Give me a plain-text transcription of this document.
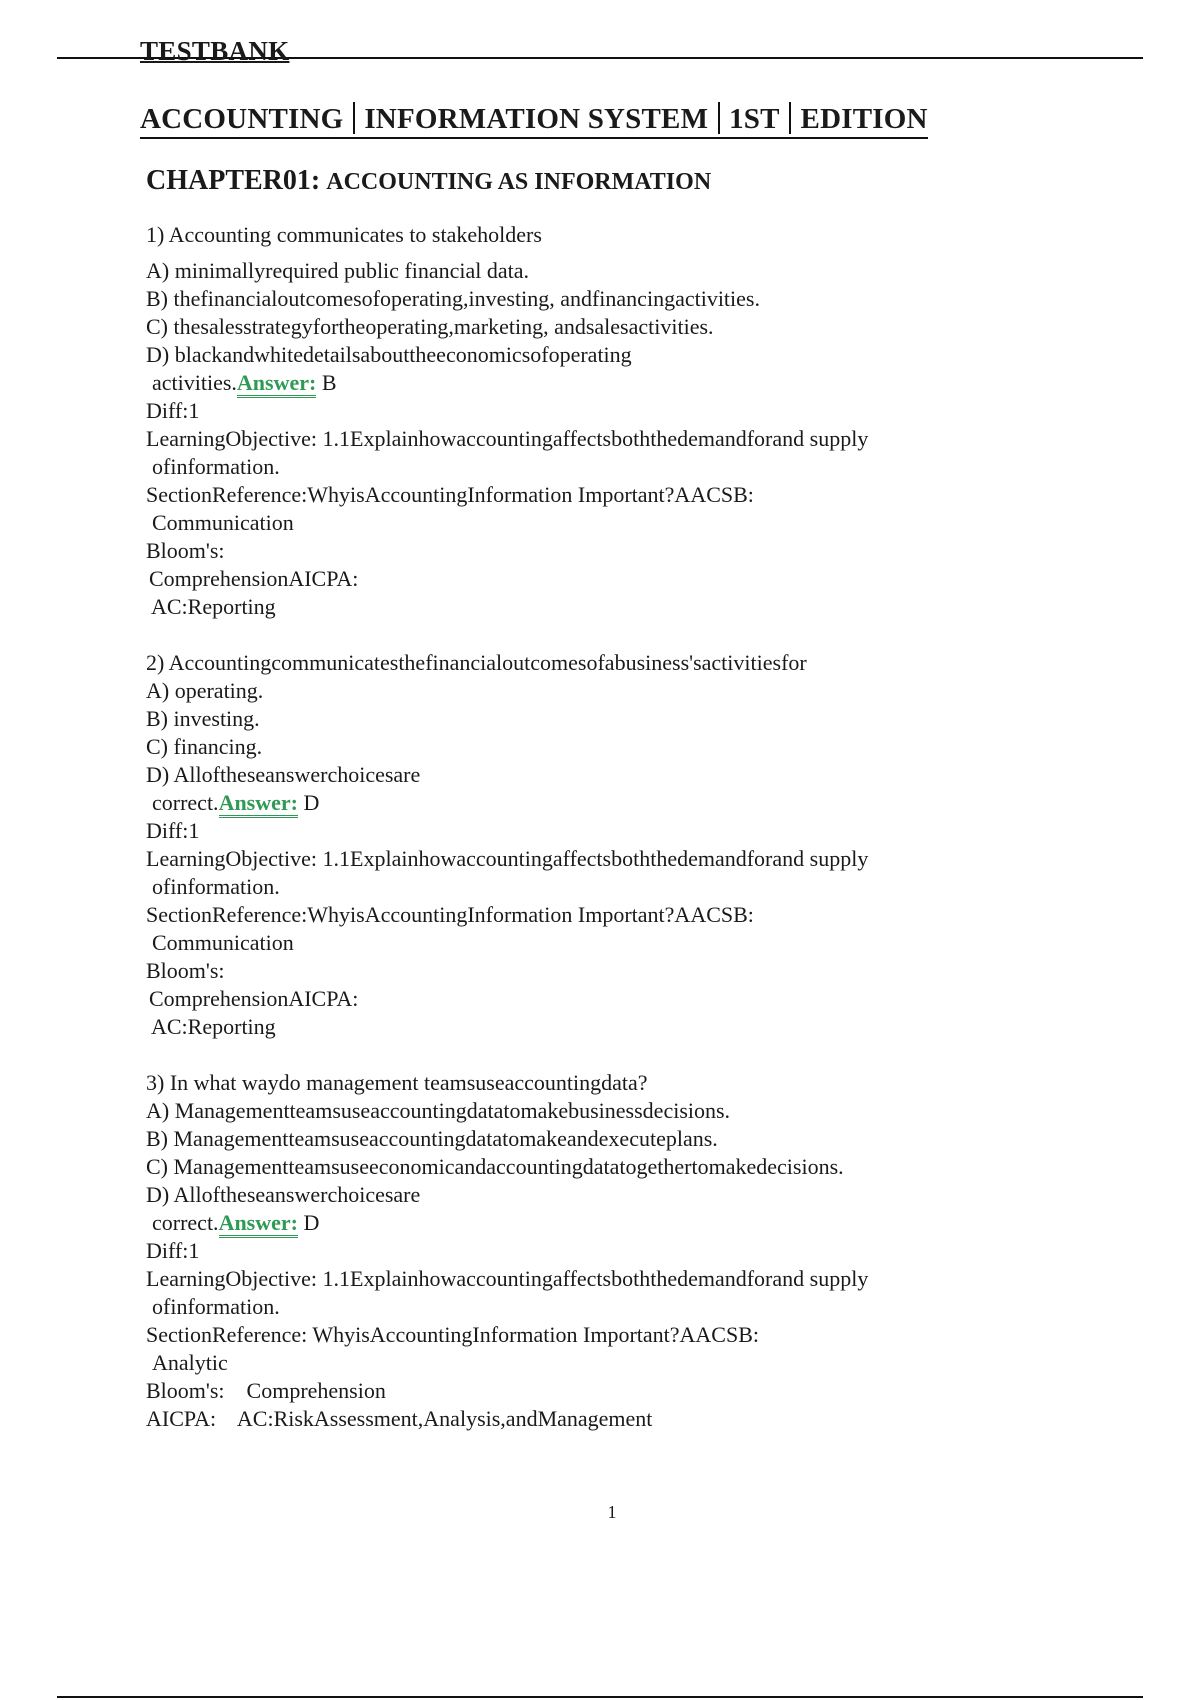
TESTBANK
ACCOUNTING INFORMATION SYSTEM 1ST EDITION
CHAPTER01: ACCOUNTING AS INFORMATION
1) Accounting communicates to stakeholders
A) minimallyrequired public financial data.
B) thefinancialoutcomesofoperating,investing, andfinancingactivities.
C) thesalesstrategyfortheoperating,marketing, andsalesactivities.
D) blackandwhitedetailsabouttheeconomicsofoperating
activities.Answer: B
Diff:1
LearningObjective: 1.1Explainhowaccountingaffectsboththedemandforand supply
ofinformation.
SectionReference:WhyisAccountingInformation Important?AACSB:
Communication
Bloom's:
ComprehensionAICPA:
AC:Reporting
2) Accountingcommunicatesthefinancialoutcomesofabusiness'sactivitiesfor
A) operating.
B) investing.
C) financing.
D) Alloftheseanswerchoicesare
correct.Answer: D
Diff:1
LearningObjective: 1.1Explainhowaccountingaffectsboththedemandforand supply
ofinformation.
SectionReference:WhyisAccountingInformation Important?AACSB:
Communication
Bloom's:
ComprehensionAICPA:
AC:Reporting
3) In what waydo management teamsuseaccountingdata?
A) Managementteamsuseaccountingdatatomakebusinessdecisions.
B) Managementteamsuseaccountingdatatomakeandexecuteplans.
C) Managementteamsuseeconomicandaccountingdatatogethertomakedecisions.
D) Alloftheseanswerchoicesare
correct.Answer: D
Diff:1
LearningObjective: 1.1Explainhowaccountingaffectsboththedemandforand supply
ofinformation.
SectionReference: WhyisAccountingInformation Important?AACSB:
Analytic
Bloom's:    Comprehension
AICPA:    AC:RiskAssessment,Analysis,andManagement
1
